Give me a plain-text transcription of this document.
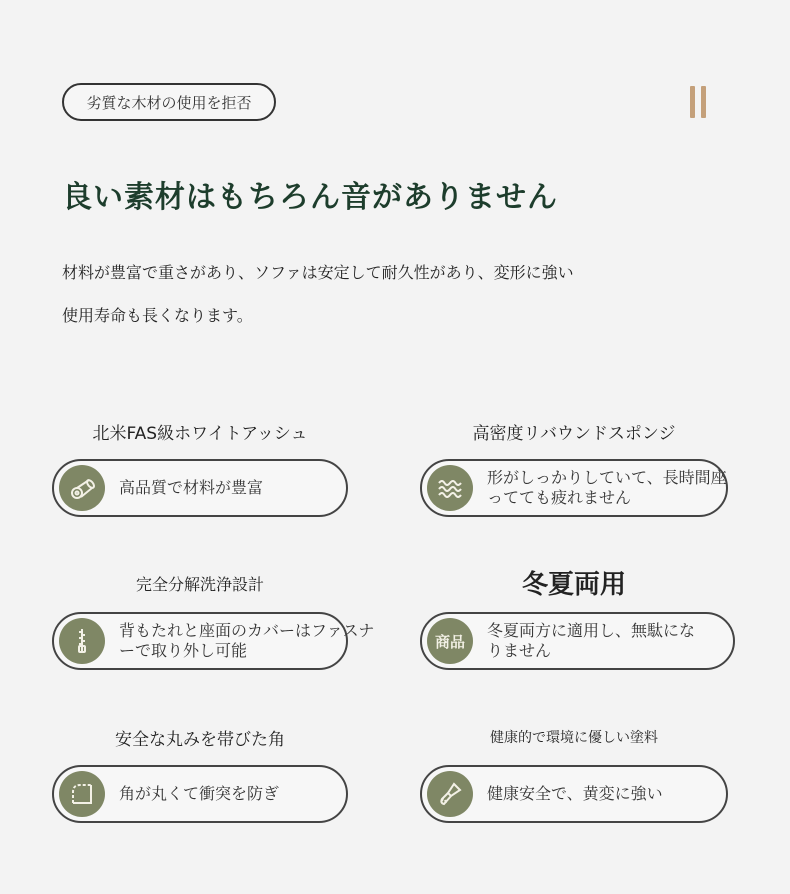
劣質な木材の使用を拒否
良い素材はもちろん音がありません
材料が豊富で重さがあり、ソファは安定して耐久性があり、変形に強い
使用寿命も長くなります。
北米FAS級ホワイトアッシュ
高品質で材料が豊富
高密度リバウンドスポンジ
形がしっかりしていて、長時間座
ってても疲れません
完全分解洗浄設計
背もたれと座面のカバーはファスナ
ーで取り外し可能
冬夏両用
商品
冬夏両方に適用し、無駄にな
りません
安全な丸みを帯びた角
角が丸くて衝突を防ぎ
健康的で環境に優しい塗料
健康安全で、黄変に強い
